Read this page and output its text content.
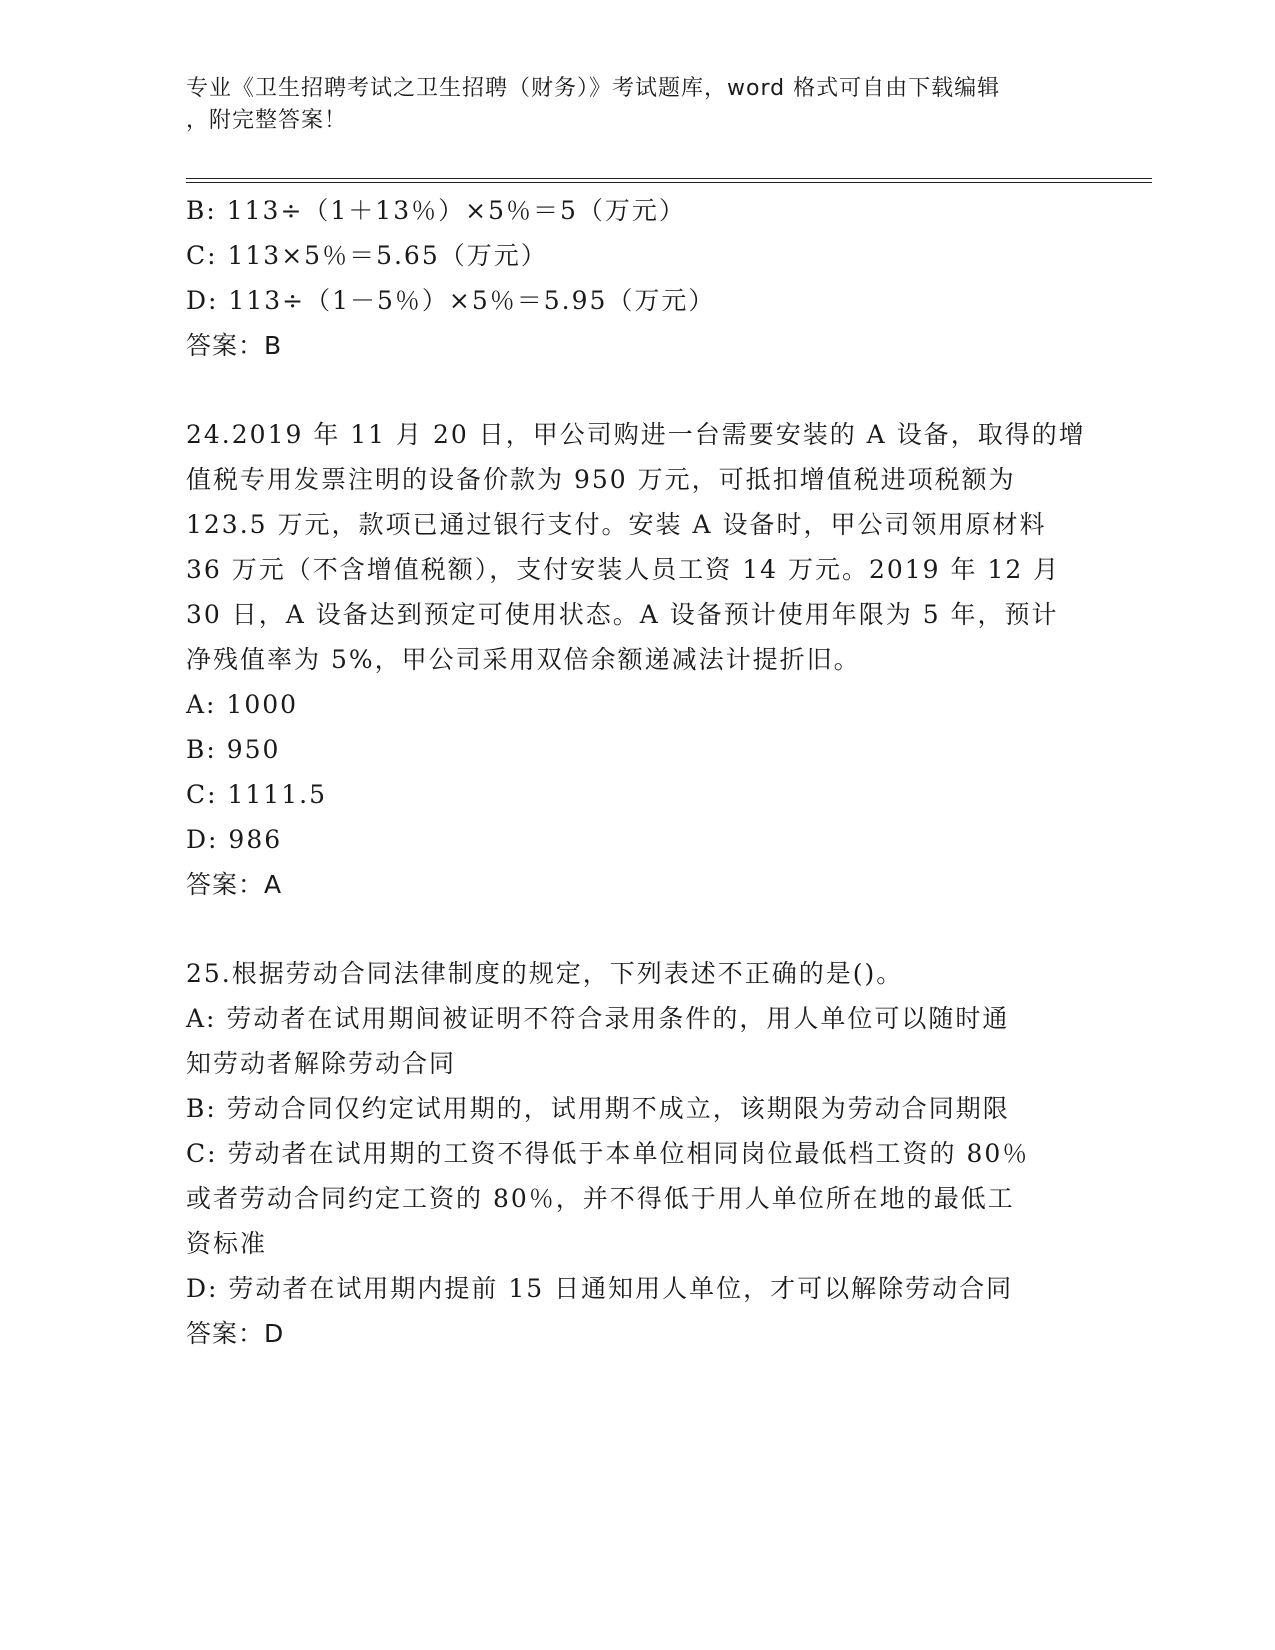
专业《卫生招聘考试之卫生招聘（财务）》考试题库，word 格式可自由下载编辑
，附完整答案！
B: 113÷（1＋13％）×5％＝5（万元）
C: 113×5％＝5.65（万元）
D: 113÷（1－5％）×5％＝5.95（万元）
答案：B
24.2019 年 11 月 20 日，甲公司购进一台需要安装的 A 设备，取得的增
值税专用发票注明的设备价款为 950 万元，可抵扣增值税进项税额为
123.5 万元，款项已通过银行支付。安装 A 设备时，甲公司领用原材料
36 万元（不含增值税额），支付安装人员工资 14 万元。2019 年 12 月
30 日，A 设备达到预定可使用状态。A 设备预计使用年限为 5 年，预计
净残值率为 5%，甲公司采用双倍余额递减法计提折旧。
A: 1000
B: 950
C: 1111.5
D: 986
答案：A
25.根据劳动合同法律制度的规定，下列表述不正确的是()。
A: 劳动者在试用期间被证明不符合录用条件的，用人单位可以随时通
知劳动者解除劳动合同
B: 劳动合同仅约定试用期的，试用期不成立，该期限为劳动合同期限
C: 劳动者在试用期的工资不得低于本单位相同岗位最低档工资的 80％
或者劳动合同约定工资的 80％，并不得低于用人单位所在地的最低工
资标准
D: 劳动者在试用期内提前 15 日通知用人单位，才可以解除劳动合同
答案：D
